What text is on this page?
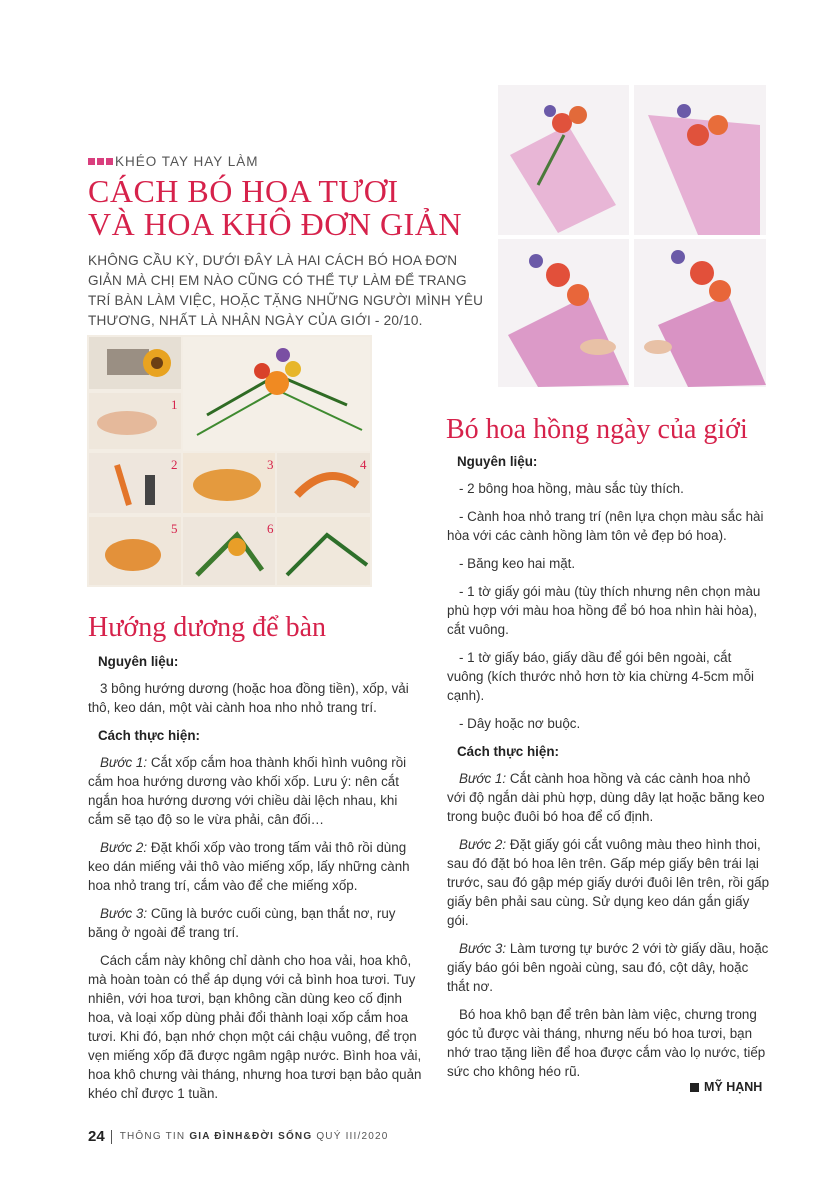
KHÉO TAY HAY LÀM
CÁCH BÓ HOA TƯƠI
VÀ HOA KHÔ ĐƠN GIẢN
KHÔNG CẦU KỲ, DƯỚI ĐÂY LÀ HAI CÁCH BÓ HOA ĐƠN GIẢN MÀ CHỊ EM NÀO CŨNG CÓ THỂ TỰ LÀM ĐỂ TRANG TRÍ BÀN LÀM VIỆC, HOẶC TẶNG NHỮNG NGƯỜI MÌNH YÊU THƯƠNG, NHẤT LÀ NHÂN NGÀY CỦA GIỚI - 20/10.
1
2	3	4
5	6
Hướng dương để bàn

Nguyên liệu:

3 bông hướng dương (hoặc hoa đồng tiền), xốp, vải thô, keo dán, một vài cành hoa nho nhỏ trang trí.

Cách thực hiện:

Bước 1: Cắt xốp cắm hoa thành khối hình vuông rồi cắm hoa hướng dương vào khối xốp. Lưu ý: nên cắt ngắn hoa hướng dương với chiều dài lệch nhau, khi cắm sẽ tạo độ so le vừa phải, cân đối…

Bước 2: Đặt khối xốp vào trong tấm vải thô rồi dùng keo dán miếng vải thô vào miếng xốp, lấy những cành hoa nhỏ trang trí, cắm vào để che miếng xốp.

Bước 3: Cũng là bước cuối cùng, bạn thắt nơ, ruy băng ở ngoài để trang trí.

Cách cắm này không chỉ dành cho hoa vải, hoa khô, mà hoàn toàn có thể áp dụng với cả bình hoa tươi. Tuy nhiên, với hoa tươi, bạn không cần dùng keo cố định hoa, và loại xốp dùng phải đổi thành loại xốp cắm hoa tươi. Khi đó, bạn nhớ chọn một cái chậu vuông, để trọn vẹn miếng xốp đã được ngâm ngập nước. Bình hoa vải, hoa khô chưng vài tháng, nhưng hoa tươi bạn bảo quản khéo chỉ được 1 tuần.

Bó hoa hồng ngày của giới

Nguyên liệu:

- 2 bông hoa hồng, màu sắc tùy thích.

- Cành hoa nhỏ trang trí (nên lựa chọn màu sắc hài hòa với các cành hồng làm tôn vẻ đẹp bó hoa).

- Băng keo hai mặt.

- 1 tờ giấy gói màu (tùy thích nhưng nên chọn màu phù hợp với màu hoa hồng để bó hoa nhìn hài hòa), cắt vuông.

- 1 tờ giấy báo, giấy dầu để gói bên ngoài, cắt vuông (kích thước nhỏ hơn tờ kia chừng 4-5cm mỗi cạnh).

- Dây hoặc nơ buộc.

Cách thực hiện:

Bước 1: Cắt cành hoa hồng và các cành hoa nhỏ với độ ngắn dài phù hợp, dùng dây lạt hoặc băng keo trong buộc đuôi bó hoa để cố định.

Bước 2: Đặt giấy gói cắt vuông màu theo hình thoi, sau đó đặt bó hoa lên trên. Gấp mép giấy bên trái lại trước, sau đó gập mép giấy dưới đuôi lên trên, rồi gấp giấy bên phải sau cùng. Sử dụng keo dán gắn giấy gói.

Bước 3: Làm tương tự bước 2 với tờ giấy dầu, hoặc giấy báo gói bên ngoài cùng, sau đó, cột dây, hoặc thắt nơ.

Bó hoa khô bạn để trên bàn làm việc, chưng trong góc tủ được vài tháng, nhưng nếu bó hoa tươi, bạn nhớ trao tặng liền để hoa được cắm vào lọ nước, tiếp sức cho không héo rũ.

MỸ HẠNH
24 THÔNG TIN GIA ĐÌNH&ĐỜI SỐNG QUÝ III/2020
